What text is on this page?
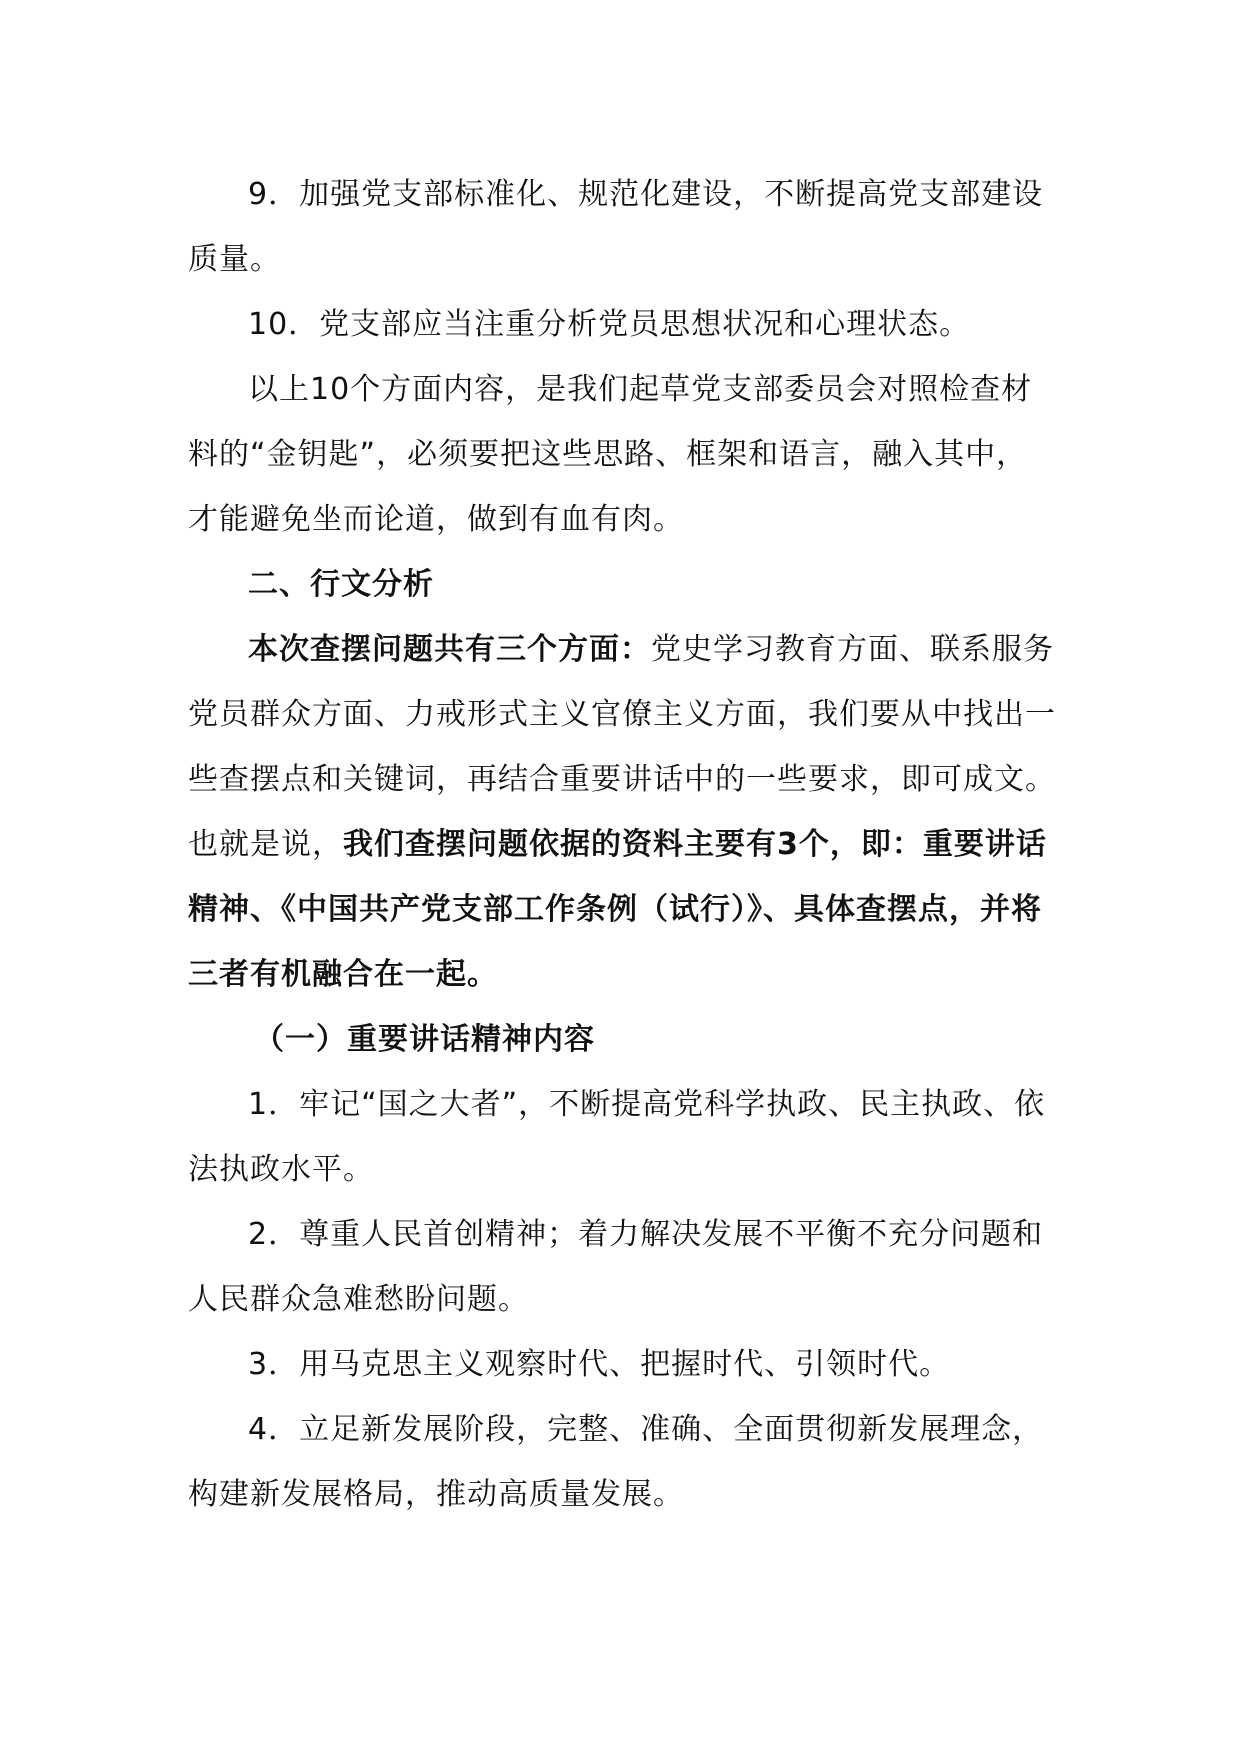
9．加强党支部标准化、规范化建设，不断提高党支部建设质量。

10．党支部应当注重分析党员思想状况和心理状态。

以上10个方面内容，是我们起草党支部委员会对照检查材料的“金钥匙”，必须要把这些思路、框架和语言，融入其中，才能避免坐而论道，做到有血有肉。

二、行文分析

本次查摆问题共有三个方面：党史学习教育方面、联系服务党员群众方面、力戒形式主义官僚主义方面，我们要从中找出一些查摆点和关键词，再结合重要讲话中的一些要求，即可成文。也就是说，我们查摆问题依据的资料主要有3个，即：重要讲话精神、《中国共产党支部工作条例（试行）》、具体查摆点，并将三者有机融合在一起。

（一）重要讲话精神内容

1．牢记“国之大者”，不断提高党科学执政、民主执政、依法执政水平。

2．尊重人民首创精神；着力解决发展不平衡不充分问题和人民群众急难愁盼问题。

3．用马克思主义观察时代、把握时代、引领时代。

4．立足新发展阶段，完整、准确、全面贯彻新发展理念，构建新发展格局，推动高质量发展。
